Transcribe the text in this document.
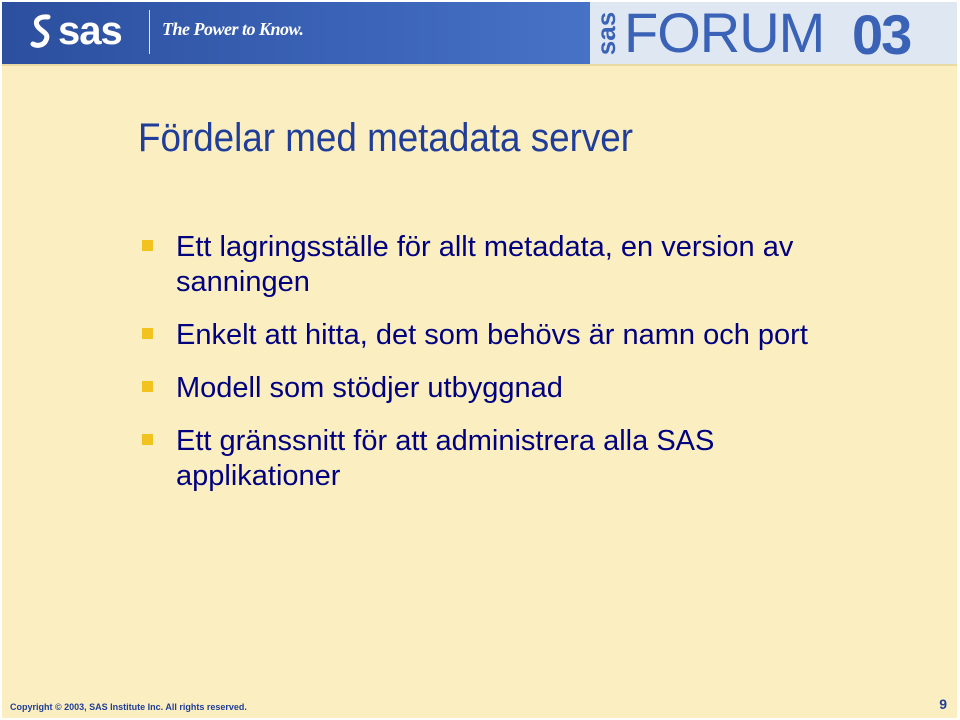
sas The Power to Know.	sas FORUM 03
Fördelar med metadata server
Ett lagringsställe för allt metadata, en version av sanningen
Enkelt att hitta, det som behövs är namn och port
Modell som stödjer utbyggnad
Ett gränssnitt för att administrera alla SAS applikationer
Copyright © 2003, SAS Institute Inc. All rights reserved.	9
